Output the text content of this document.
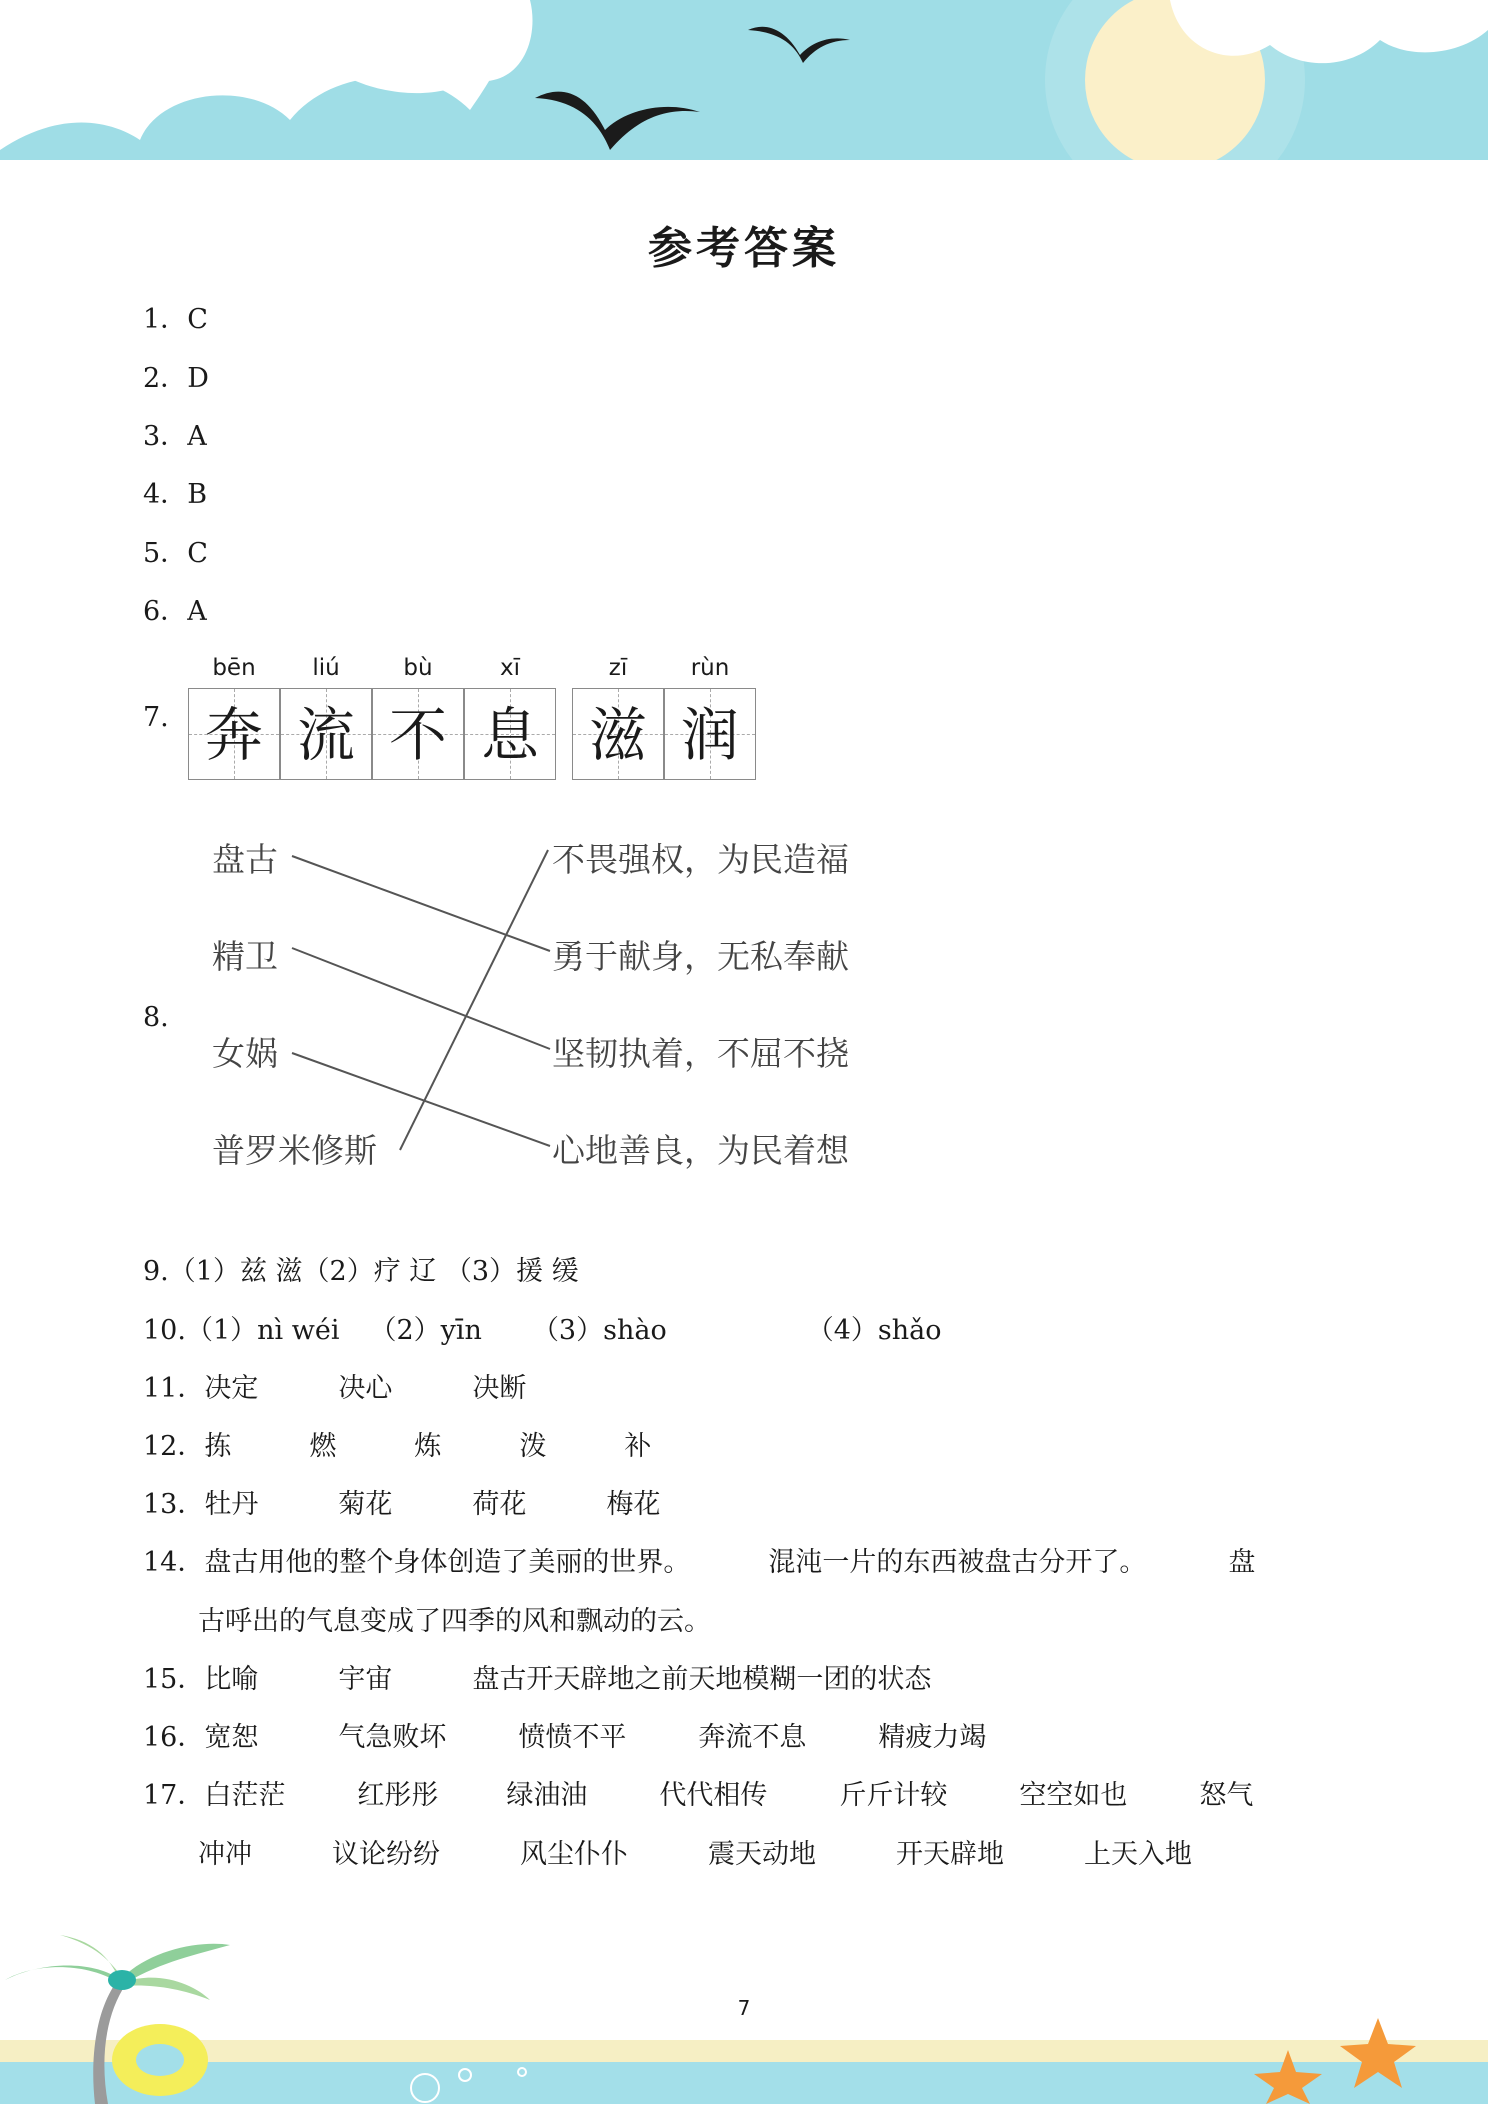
参考答案
1．C
2．D
3．A
4．B
5．C
6．A
7.
bēn	liú	bù	xī	zī	rùn
奔 流 不 息 滋 润
8.
盘古
精卫
女娲
普罗米修斯
不畏强权，为民造福
勇于献身，无私奉献
坚韧执着，不屈不挠
心地善良，为民着想
9.（1）兹 滋（2）疗 辽 （3）援 缓
10.（1）nì wéi （2）yīn （3）shào	（4）shǎo
11．决定	决心	决断
12．拣	燃	炼	泼	补
13．牡丹	菊花	荷花	梅花
14．盘古用他的整个身体创造了美丽的世界。	混沌一片的东西被盘古分开了。	盘
古呼出的气息变成了四季的风和飘动的云。
15．比喻	宇宙	盘古开天辟地之前天地模糊一团的状态
16．宽恕	气急败坏	愤愤不平	奔流不息	精疲力竭
17．白茫茫	红彤彤	绿油油	代代相传	斤斤计较	空空如也	怒气
冲冲	议论纷纷	风尘仆仆	震天动地	开天辟地	上天入地
7
